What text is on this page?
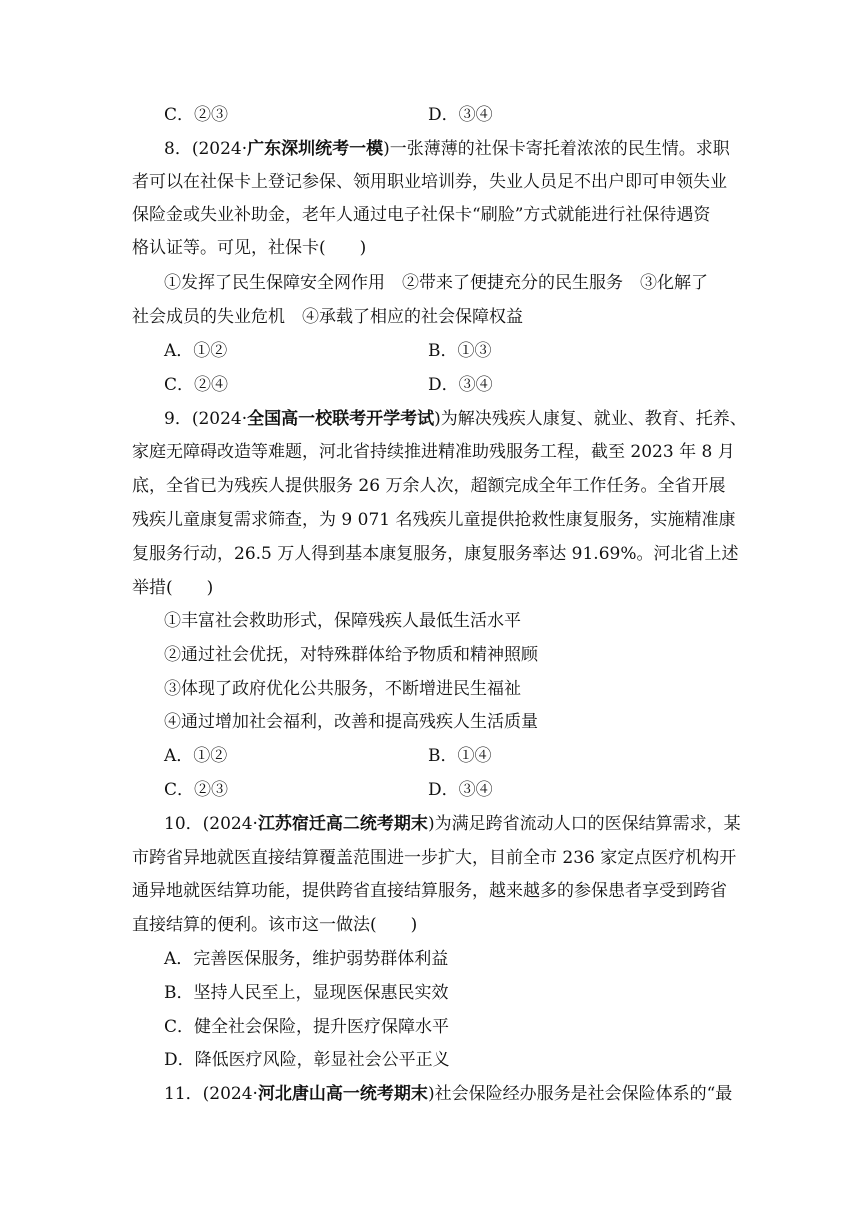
C．②③	D．③④
8．(2024·广东深圳统考一模)一张薄薄的社保卡寄托着浓浓的民生情。求职
者可以在社保卡上登记参保、领用职业培训券，失业人员足不出户即可申领失业
保险金或失业补助金，老年人通过电子社保卡“刷脸”方式就能进行社保待遇资
格认证等。可见，社保卡(　　)
①发挥了民生保障安全网作用　②带来了便捷充分的民生服务　③化解了
社会成员的失业危机　④承载了相应的社会保障权益
A．①②	B．①③
C．②④	D．③④
9．(2024·全国高一校联考开学考试)为解决残疾人康复、就业、教育、托养、
家庭无障碍改造等难题，河北省持续推进精准助残服务工程，截至 2023 年 8 月
底，全省已为残疾人提供服务 26 万余人次，超额完成全年工作任务。全省开展
残疾儿童康复需求筛查，为 9 071 名残疾儿童提供抢救性康复服务，实施精准康
复服务行动，26.5 万人得到基本康复服务，康复服务率达 91.69%。河北省上述
举措(　　)
①丰富社会救助形式，保障残疾人最低生活水平
②通过社会优抚，对特殊群体给予物质和精神照顾
③体现了政府优化公共服务，不断增进民生福祉
④通过增加社会福利，改善和提高残疾人生活质量
A．①②	B．①④
C．②③	D．③④
10．(2024·江苏宿迁高二统考期末)为满足跨省流动人口的医保结算需求，某
市跨省异地就医直接结算覆盖范围进一步扩大，目前全市 236 家定点医疗机构开
通异地就医结算功能，提供跨省直接结算服务，越来越多的参保患者享受到跨省
直接结算的便利。该市这一做法(　　)
A．完善医保服务，维护弱势群体利益
B．坚持人民至上，显现医保惠民实效
C．健全社会保险，提升医疗保障水平
D．降低医疗风险，彰显社会公平正义
11．(2024·河北唐山高一统考期末)社会保险经办服务是社会保险体系的“最
